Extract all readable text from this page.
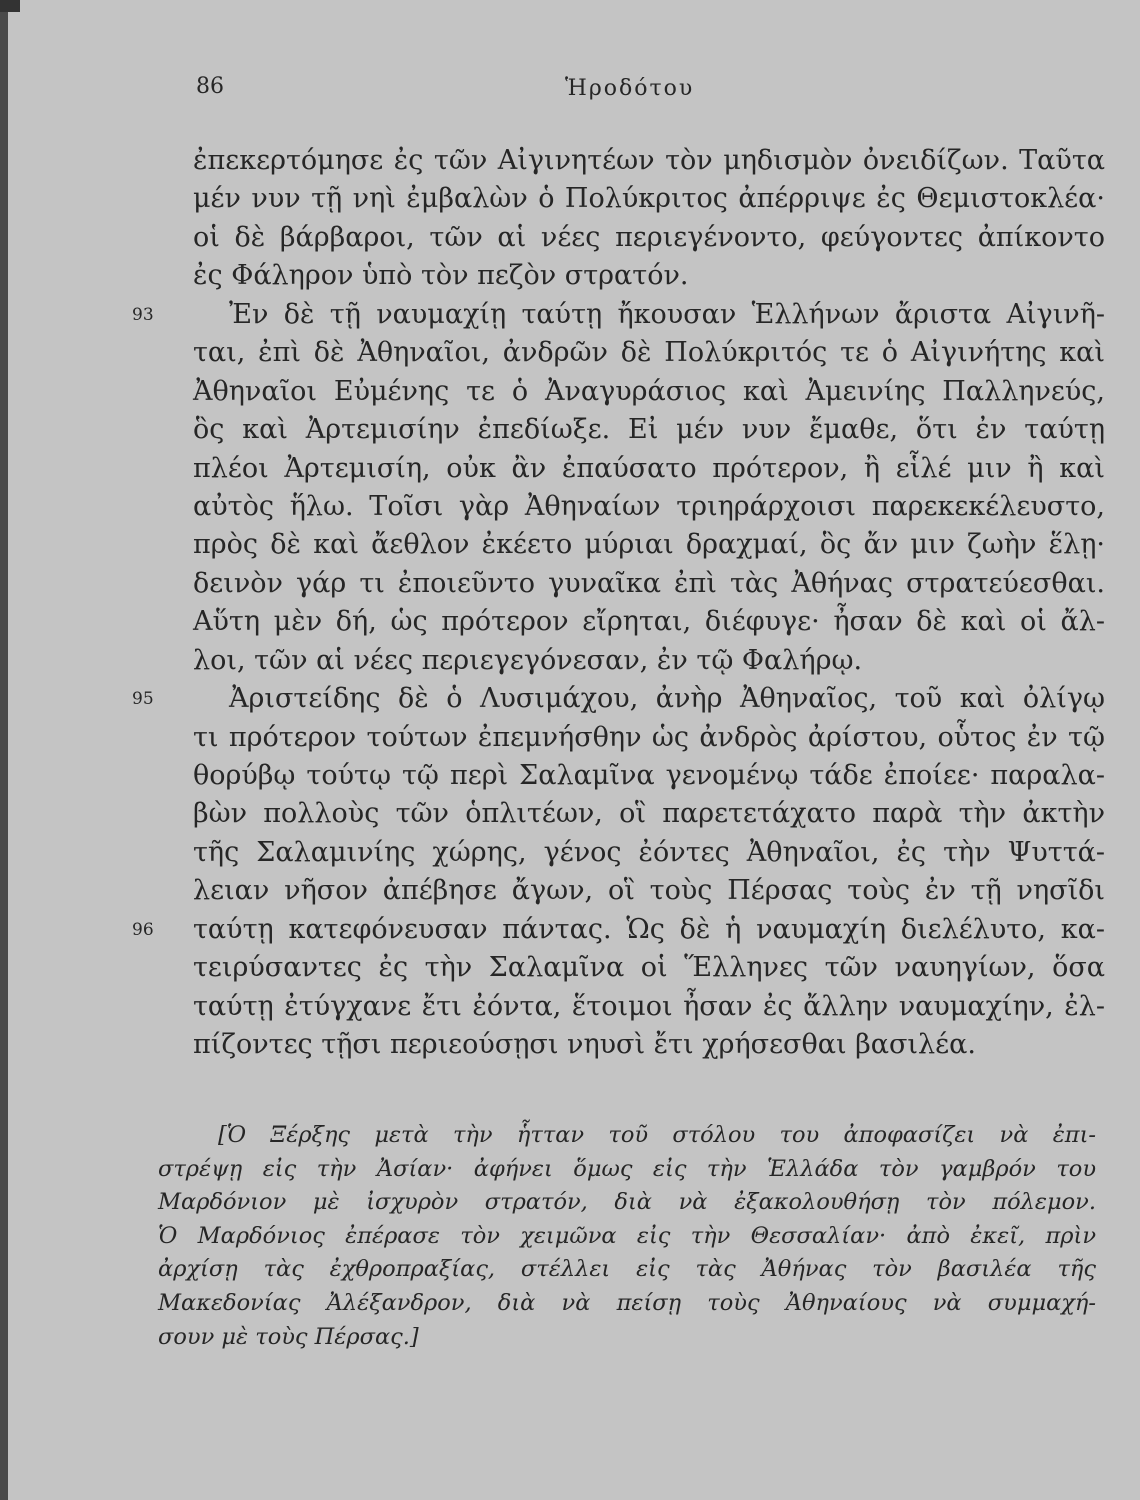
86	Ἡροδότου
ἐπεκερτόμησε ἐς τῶν Αἰγινητέων τὸν μηδισμὸν ὀνειδίζων. Ταῦτα
μέν νυν τῇ νηὶ ἐμβαλὼν ὁ Πολύκριτος ἀπέρριψε ἐς Θεμιστοκλέα·
οἱ δὲ βάρβαροι, τῶν αἱ νέες περιεγένοντο, φεύγοντες ἀπίκοντο
ἐς Φάληρον ὑπὸ τὸν πεζὸν στρατόν.
93	Ἐν δὲ τῇ ναυμαχίῃ ταύτῃ ἤκουσαν Ἑλλήνων ἄριστα Αἰγινῆ-
ται, ἐπὶ δὲ Ἀθηναῖοι, ἀνδρῶν δὲ Πολύκριτός τε ὁ Αἰγινήτης καὶ
Ἀθηναῖοι Εὐμένης τε ὁ Ἀναγυράσιος καὶ Ἀμεινίης Παλληνεύς,
ὃς καὶ Ἀρτεμισίην ἐπεδίωξε. Εἰ μέν νυν ἔμαθε, ὅτι ἐν ταύτῃ
πλέοι Ἀρτεμισίη, οὐκ ἂν ἐπαύσατο πρότερον, ἢ εἷλέ μιν ἢ καὶ
αὐτὸς ἥλω. Τοῖσι γὰρ Ἀθηναίων τριηράρχοισι παρεκεκέλευστο,
πρὸς δὲ καὶ ἄεθλον ἐκέετο μύριαι δραχμαί, ὃς ἄν μιν ζωὴν ἕλῃ·
δεινὸν γάρ τι ἐποιεῦντο γυναῖκα ἐπὶ τὰς Ἀθήνας στρατεύεσθαι.
Αὕτη μὲν δή, ὡς πρότερον εἴρηται, διέφυγε· ἦσαν δὲ καὶ οἱ ἄλ-
λοι, τῶν αἱ νέες περιεγεγόνεσαν, ἐν τῷ Φαλήρῳ.
95	Ἀριστείδης δὲ ὁ Λυσιμάχου, ἀνὴρ Ἀθηναῖος, τοῦ καὶ ὀλίγῳ
τι πρότερον τούτων ἐπεμνήσθην ὡς ἀνδρὸς ἀρίστου, οὗτος ἐν τῷ
θορύβῳ τούτῳ τῷ περὶ Σαλαμῖνα γενομένῳ τάδε ἐποίεε· παραλα-
βὼν πολλοὺς τῶν ὁπλιτέων, οἳ παρετετάχατο παρὰ τὴν ἀκτὴν
τῆς Σαλαμινίης χώρης, γένος ἐόντες Ἀθηναῖοι, ἐς τὴν Ψυττά-
λειαν νῆσον ἀπέβησε ἄγων, οἳ τοὺς Πέρσας τοὺς ἐν τῇ νησῖδι
96 ταύτῃ κατεφόνευσαν πάντας. Ὡς δὲ ἡ ναυμαχίη διελέλυτο, κα-
τειρύσαντες ἐς τὴν Σαλαμῖνα οἱ Ἕλληνες τῶν ναυηγίων, ὅσα
ταύτῃ ἐτύγχανε ἔτι ἐόντα, ἕτοιμοι ἦσαν ἐς ἄλλην ναυμαχίην, ἐλ-
πίζοντες τῇσι περιεούσῃσι νηυσὶ ἔτι χρήσεσθαι βασιλέα.
[Ὁ Ξέρξης μετὰ τὴν ἧτταν τοῦ στόλου του ἀποφασίζει νὰ ἐπι-
στρέψῃ εἰς τὴν Ἀσίαν· ἀφήνει ὅμως εἰς τὴν Ἑλλάδα τὸν γαμβρόν του
Μαρδόνιον μὲ ἰσχυρὸν στρατόν, διὰ νὰ ἐξακολουθήσῃ τὸν πόλεμον.
Ὁ Μαρδόνιος ἐπέρασε τὸν χειμῶνα εἰς τὴν Θεσσαλίαν· ἀπὸ ἐκεῖ, πρὶν
ἀρχίσῃ τὰς ἐχθροπραξίας, στέλλει εἰς τὰς Ἀθήνας τὸν βασιλέα τῆς
Μακεδονίας Ἀλέξανδρον, διὰ νὰ πείσῃ τοὺς Ἀθηναίους νὰ συμμαχή-
σουν μὲ τοὺς Πέρσας.]
